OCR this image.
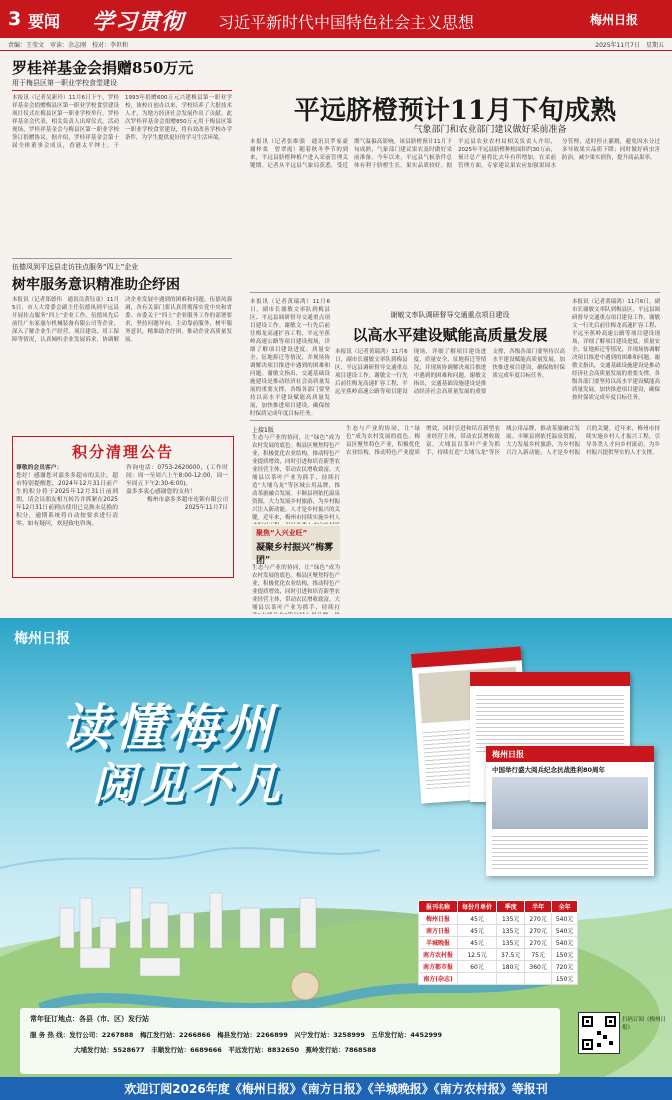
3 要闻 学习贯彻 习近平新时代中国特色社会主义思想	梅州日报
责编：王莹文　审读：余志刚　校对：李世和	2025年11月7日　星期五
罗桂祥基金会捐赠850万元
用于梅县区第一职业学校食堂建设
本报讯（记者吴新玲）11月6日下午，罗桂祥基金会捐赠梅县区第一职业学校食堂建设项目仪式在梅县区第一职业学校举行。罗桂祥基金会代表，相关负责人出席仪式。活动现场，罗桂祥基金会与梅县区第一职业学校签订捐赠协议。据介绍，罗桂祥基金会第十届全体董事会成员，香港太平绅士。于1993年捐赠600万元兴建梅县第一职业学校，该校自创办以来，学校培养了大批技术人才，为地方经济社会发展作出了贡献。此次罗桂祥基金会捐赠850万元用于梅县区第一职业学校食堂建设，将有效改善学校办学条件，为学生提供更好的学习生活环境。
伍德凤到平远县走访挂点服务“四上”企业
树牢服务意识精准助企纾困
本报讯（记者郑德伟　通讯员黄钰童）11月5日，市人大常委会副主任伍德凤到平远县开展挂点服务“四上”企业工作。伍德凤先后前往广东家惠尔机械装备有限公司等企业，深入了解企业生产经营、项目建设、用工保障等情况，认真倾听企业发展诉求，协调解决企业发展中遇到的困难和问题。伍德凤强调，各有关部门要认真贯彻落实党中央和省委、市委关于“四上”企业服务工作的部署要求，坚持问题导向，主动靠前服务，树牢服务意识，精准助企纾困，推动企业高质量发展。
积分清理公告
尊敬的会员客户：
您好！感谢您对嘉多多超市的关注，超市特别提醒您，2024年12月31日前产生的积分将于2025年12月31日前到期，请会员朋友相互转告并抓紧在2025年12月31日前到店使用已兑换未兑换的积分，逾期系统将自动按要求进行清零。如有疑问，欢迎致电咨询。
咨询电话：0753-2620000，(工作时间：周一至周六上午8:00-12:00，周一至周五下午2:30-6:00)。
嘉多多衷心感谢您的支持！
梅州市嘉多多超市连锁有限公司
2025年11月7日
平远脐橙预计11月下旬成熟
气象部门和农业部门建议做好采前准备
本报讯（记者张维强　通讯员罗家豪　谢梓柔　曾翠霞）随着秋冬季节的到来，平远县脐橙种植户进入采前管理关键期。记者从平远县气象局获悉，受近期气温偏高影响，该县脐橙预计11月下旬成熟，气象部门建议果农及时做好采前准备。今年以来，平远县气候条件总体有利于脐橙生长，果实品质较好。据平远县农业农村局相关负责人介绍，2025年平远县脐橙种植面积约30万亩，预计总产量将比去年有所增加。在采前管理方面，专家建议果农应加强果园水分管理，适时停止灌溉，避免因水分过多导致果实品质下降；同时做好病虫害防治，减少果实损伤，提升商品果率。
谢敏文率队调研督导交通重点项目建设
以高水平建设赋能高质量发展
本报讯（记者黄瑞鸿）11月6日，副市长谢敏文率队到梅县区、平远县调研督导交通重点项目建设工作。谢敏文一行先后前往梅龙高速扩容工程、平远至蕉岭高速公路等项目建设现场，详细了解项目建设进度、质量安全、征地拆迁等情况，并现场协调解决项目推进中遇到的困难和问题。谢敏文指出，交通基础设施建设是推动经济社会高质量发展的重要支撑，各级各部门要坚持以高水平建设赋能高质量发展，加快推进项目建设，确保按时保质完成年度目标任务。
本报讯（记者黄瑞鸿）11月6日，副市长谢敏文率队到梅县区、平远县调研督导交通重点项目建设工作。谢敏文一行先后前往梅龙高速扩容工程、平远至蕉岭高速公路等项目建设现场，详细了解项目建设进度、质量安全、征地拆迁等情况，并现场协调解决项目推进中遇到的困难和问题。谢敏文指出，交通基础设施建设是推动经济社会高质量发展的重要支撑，各级各部门要坚持以高水平建设赋能高质量发展，加快推进项目建设，确保按时保质完成年度目标任务。
本报讯（记者黄瑞鸿）11月6日，副市长谢敏文率队到梅县区、平远县调研督导交通重点项目建设工作。谢敏文一行先后前往梅龙高速扩容工程、平远至蕉岭高速公路等项目建设现场，详细了解项目建设进度、质量安全、征地拆迁等情况，并现场协调解决项目推进中遇到的困难和问题。谢敏文指出，交通基础设施建设是推动经济社会高质量发展的重要支撑，各级各部门要坚持以高水平建设赋能高质量发展，加快推进项目建设，确保按时保质完成年度目标任务。
上接1版
生态与产业的协同，让“绿色”成为农村发展的底色。梅县区聚焦特色产业，积极优化农业结构，推动特色产业提质增效，同时引进和培育新型农业经营主体，带动农民增收致富。大埔县以茶叶产业为抓手，持续打造“大埔乌龙”等区域公用品牌，推动茶旅融合发展。丰顺县则依托温泉资源，大力发展乡村旅游，为乡村振兴注入新动能。人才是乡村振兴的关键。近年来，梅州市持续实施乡村人
聚焦“入兴业旺”
凝聚乡村振兴“梅雾团”
生态与产业的协同，让“绿色”成为农村发展的底色。梅县区聚焦特色产业，积极优化农业结构，推动特色产业提质增效，同时引进和培育新型农业经营主体，带动农民增收致富。大埔县以茶叶产业为抓手，持续打
生态与产业的协同，让“绿色”成为农村发展的底色。梅县区聚焦特色产业，积极优化农业结构，推动特色产业提质增效，同时引进和培育新型农业经营主体，带动农民增收致富。大埔县以茶叶产业为抓手，持续打造“大埔乌龙”等区域公用品牌，推动茶旅融合发展。丰顺县则依托温泉资源，大力发展乡村旅游，为乡村振兴注入新动能。人才是乡村振兴的关键。近年来，梅州市持续实施乡村人才振兴工程，引导各类人才向乡村流动，为乡村振兴提供坚实的人才支撑。
梅州日报
读懂梅州
阅见不凡
梅州日报
中国举行盛大阅兵纪念抗战胜利80周年
报刊名称	每份月单价	季度	半年	全年
梅州日报	45元	135元	270元	540元
南方日报	45元	135元	270元	540元
羊城晚报	45元	135元	270元	540元
南方农村报	12.5元	37.5元	75元	150元
南方都市报	60元	180元	360元	720元
南方(杂志)				150元
常年征订地点：各县（市、区）发行站
服 务 热 线：发行公司：2267888　梅江发行站：2266866　梅县发行站：2266899　兴宁发行站：3258999　五华发行站：4452999
大埔发行站：5528677　丰顺发行站：6689666　平远发行站：8832650　蕉岭发行站：7868588
扫码订阅《梅州日报》
欢迎订阅2026年度《梅州日报》《南方日报》《羊城晚报》《南方农村报》等报刊
